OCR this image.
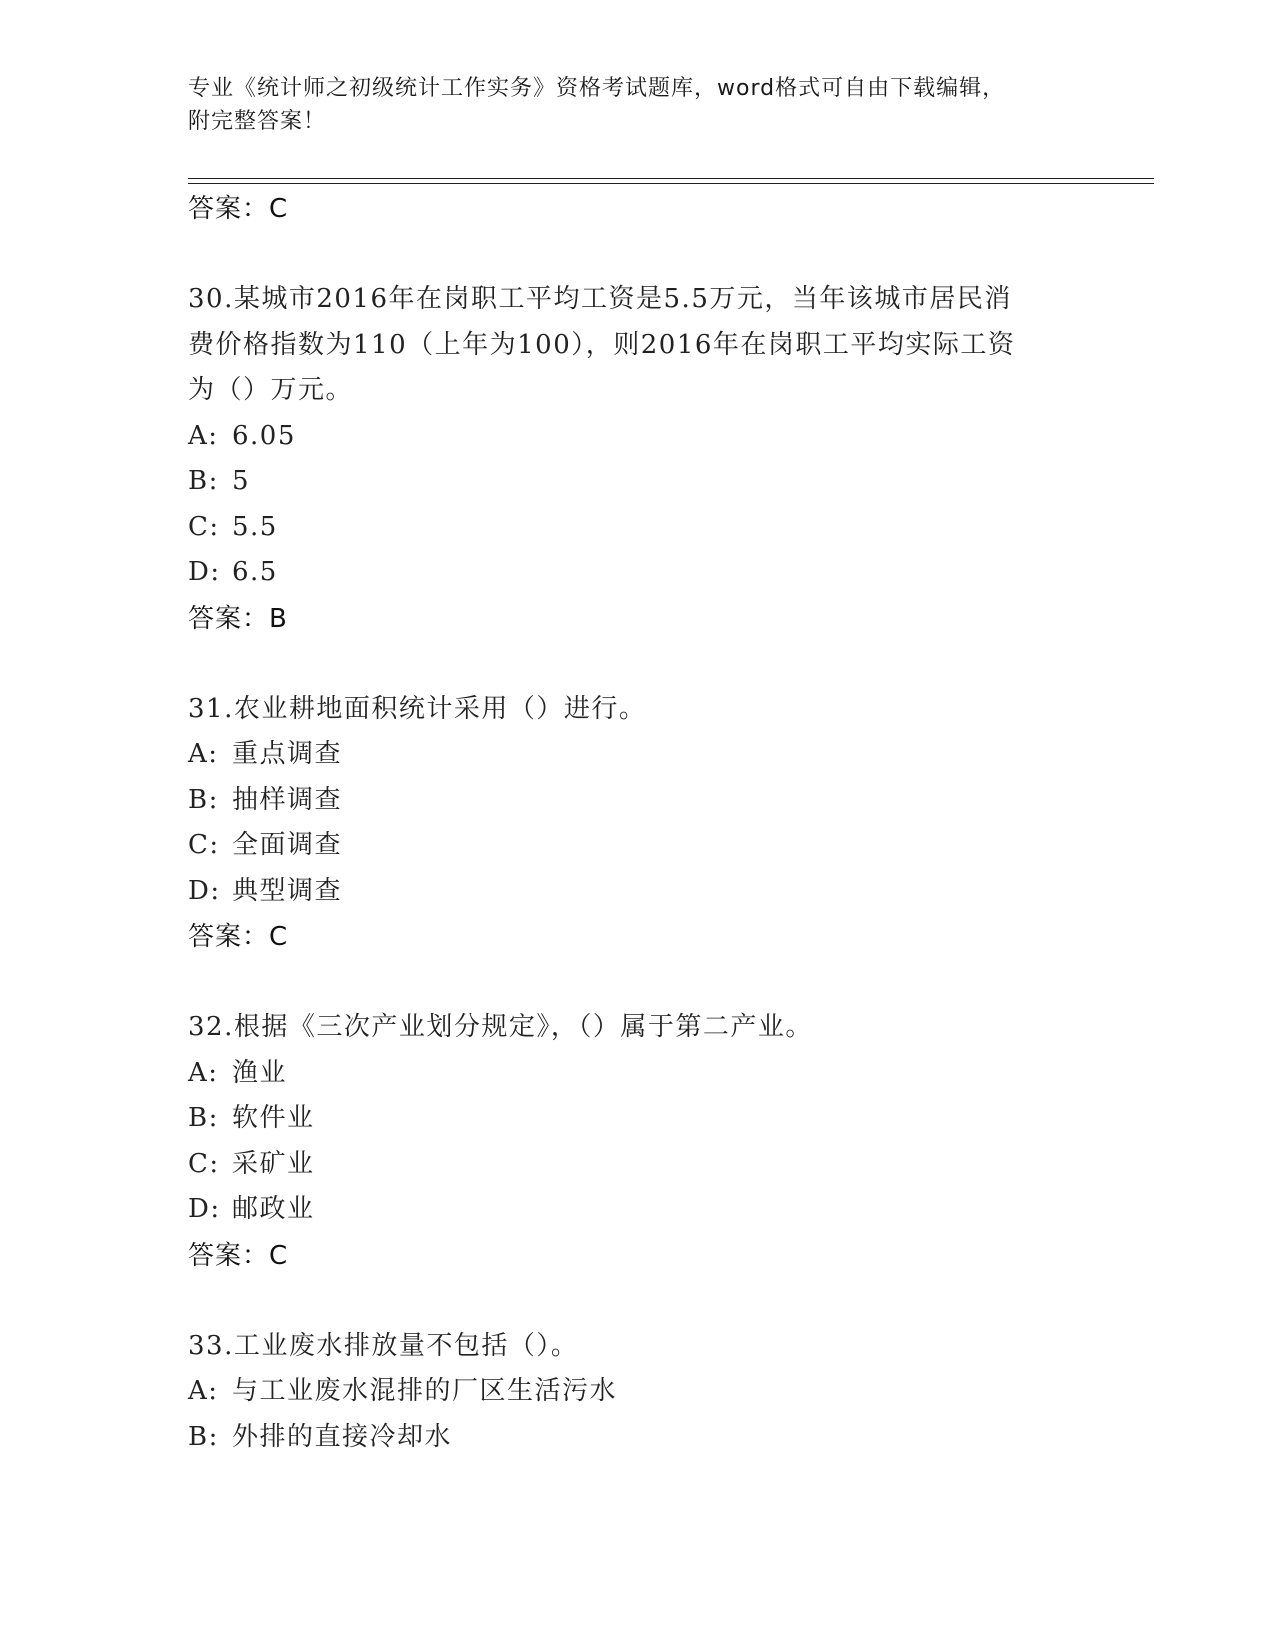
专业《统计师之初级统计工作实务》资格考试题库，word格式可自由下载编辑，
附完整答案！
答案：C
30.某城市2016年在岗职工平均工资是5.5万元，当年该城市居民消
费价格指数为110（上年为100），则2016年在岗职工平均实际工资
为（）万元。
A: 6.05
B: 5
C: 5.5
D: 6.5
答案：B
31.农业耕地面积统计采用（）进行。
A: 重点调查
B: 抽样调查
C: 全面调查
D: 典型调查
答案：C
32.根据《三次产业划分规定》，（）属于第二产业。
A: 渔业
B: 软件业
C: 采矿业
D: 邮政业
答案：C
33.工业废水排放量不包括（）。
A: 与工业废水混排的厂区生活污水
B: 外排的直接冷却水
